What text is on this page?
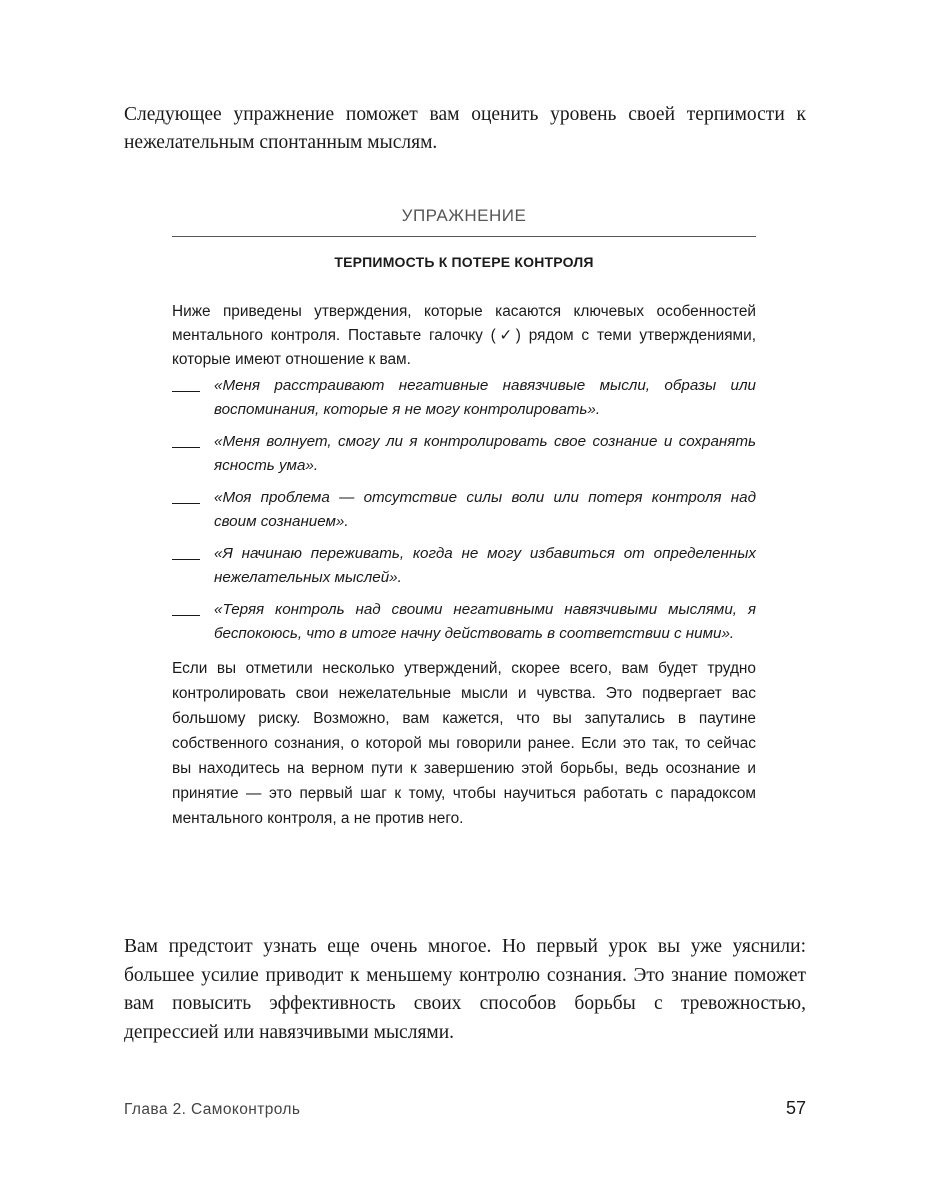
Следующее упражнение поможет вам оценить уровень своей терпимости к нежелательным спонтанным мыслям.

УПРАЖНЕНИЕ

ТЕРПИМОСТЬ К ПОТЕРЕ КОНТРОЛЯ

Ниже приведены утверждения, которые касаются ключевых особенностей ментального контроля. Поставьте галочку (✓) рядом с теми утверждениями, которые имеют отношение к вам.

«Меня расстраивают негативные навязчивые мысли, образы или воспоминания, которые я не могу контролировать».
«Меня волнует, смогу ли я контролировать свое сознание и сохранять ясность ума».
«Моя проблема — отсутствие силы воли или потеря контроля над своим сознанием».
«Я начинаю переживать, когда не могу избавиться от определенных нежелательных мыслей».
«Теряя контроль над своими негативными навязчивыми мыслями, я беспокоюсь, что в итоге начну действовать в соответствии с ними».

Если вы отметили несколько утверждений, скорее всего, вам будет трудно контролировать свои нежелательные мысли и чувства. Это подвергает вас большому риску. Возможно, вам кажется, что вы запутались в паутине собственного сознания, о которой мы говорили ранее. Если это так, то сейчас вы находитесь на верном пути к завершению этой борьбы, ведь осознание и принятие — это первый шаг к тому, чтобы научиться работать с парадоксом ментального контроля, а не против него.

Вам предстоит узнать еще очень многое. Но первый урок вы уже уяснили: большее усилие приводит к меньшему контролю сознания. Это знание поможет вам повысить эффективность своих способов борьбы с тревожностью, депрессией или навязчивыми мыслями.

Глава 2. Самоконтроль	57
